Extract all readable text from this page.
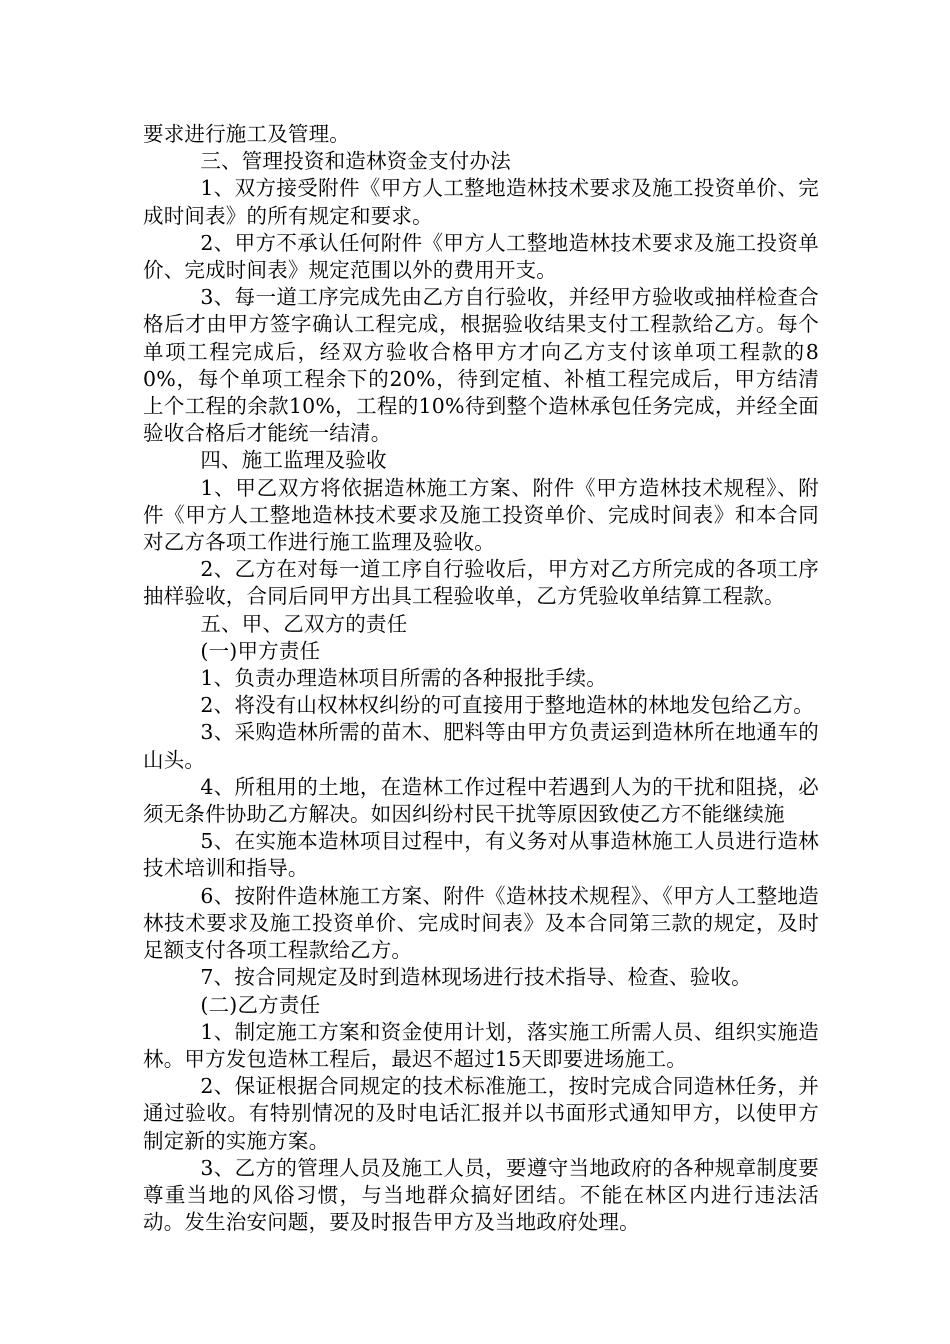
要求进行施工及管理。

三、管理投资和造林资金支付办法

1、双方接受附件《甲方人工整地造林技术要求及施工投资单价、完成时间表》的所有规定和要求。

2、甲方不承认任何附件《甲方人工整地造林技术要求及施工投资单价、完成时间表》规定范围以外的费用开支。

3、每一道工序完成先由乙方自行验收，并经甲方验收或抽样检查合格后才由甲方签字确认工程完成，根据验收结果支付工程款给乙方。每个单项工程完成后，经双方验收合格甲方才向乙方支付该单项工程款的80%，每个单项工程余下的20%，待到定植、补植工程完成后，甲方结清上个工程的余款10%，工程的10%待到整个造林承包任务完成，并经全面验收合格后才能统一结清。

四、施工监理及验收

1、甲乙双方将依据造林施工方案、附件《甲方造林技术规程》、附件《甲方人工整地造林技术要求及施工投资单价、完成时间表》和本合同对乙方各项工作进行施工监理及验收。

2、乙方在对每一道工序自行验收后，甲方对乙方所完成的各项工序抽样验收，合同后同甲方出具工程验收单，乙方凭验收单结算工程款。

五、甲、乙双方的责任

(一)甲方责任

1、负责办理造林项目所需的各种报批手续。

2、将没有山权林权纠纷的可直接用于整地造林的林地发包给乙方。

3、采购造林所需的苗木、肥料等由甲方负责运到造林所在地通车的山头。

4、所租用的土地，在造林工作过程中若遇到人为的干扰和阻挠，必须无条件协助乙方解决。如因纠纷村民干扰等原因致使乙方不能继续施

5、在实施本造林项目过程中，有义务对从事造林施工人员进行造林技术培训和指导。

6、按附件造林施工方案、附件《造林技术规程》、《甲方人工整地造林技术要求及施工投资单价、完成时间表》及本合同第三款的规定，及时足额支付各项工程款给乙方。

7、按合同规定及时到造林现场进行技术指导、检查、验收。

(二)乙方责任

1、制定施工方案和资金使用计划，落实施工所需人员、组织实施造林。甲方发包造林工程后，最迟不超过15天即要进场施工。

2、保证根据合同规定的技术标准施工，按时完成合同造林任务，并通过验收。有特别情况的及时电话汇报并以书面形式通知甲方，以使甲方制定新的实施方案。

3、乙方的管理人员及施工人员，要遵守当地政府的各种规章制度要尊重当地的风俗习惯，与当地群众搞好团结。不能在林区内进行违法活动。发生治安问题，要及时报告甲方及当地政府处理。
